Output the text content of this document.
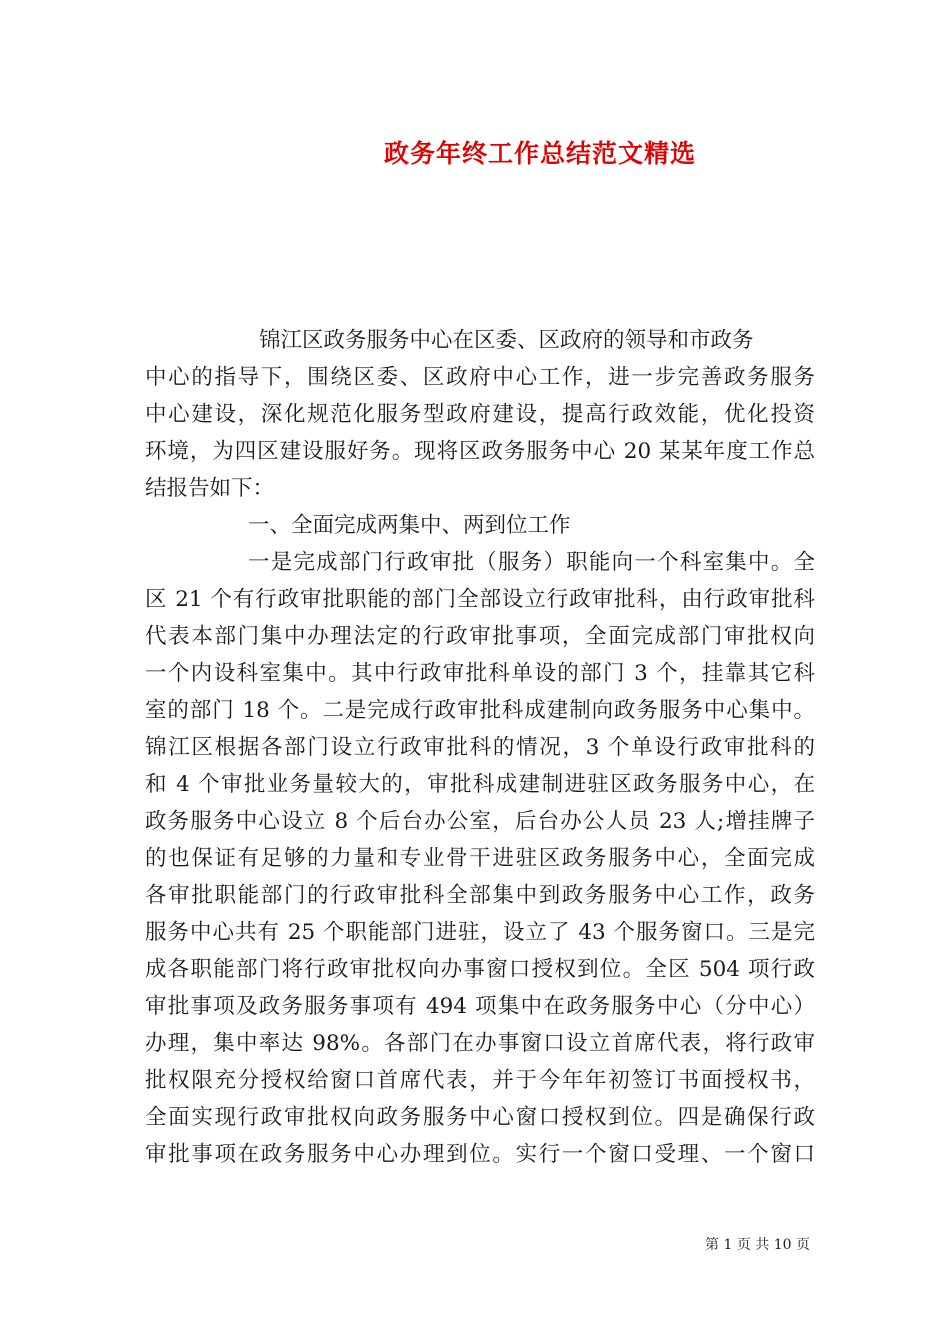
政务年终工作总结范文精选

锦江区政务服务中心在区委、区政府的领导和市政务

中心的指导下，围绕区委、区政府中心工作，进一步完善政务服务

中心建设，深化规范化服务型政府建设，提高行政效能，优化投资

环境，为四区建设服好务。现将区政务服务中心 20 某某年度工作总

结报告如下：

一、全面完成两集中、两到位工作

一是完成部门行政审批（服务）职能向一个科室集中。全

区 21 个有行政审批职能的部门全部设立行政审批科，由行政审批科

代表本部门集中办理法定的行政审批事项，全面完成部门审批权向

一个内设科室集中。其中行政审批科单设的部门 3 个，挂靠其它科

室的部门 18 个。二是完成行政审批科成建制向政务服务中心集中。

锦江区根据各部门设立行政审批科的情况，3 个单设行政审批科的

和 4 个审批业务量较大的，审批科成建制进驻区政务服务中心，在

政务服务中心设立 8 个后台办公室，后台办公人员 23 人;增挂牌子

的也保证有足够的力量和专业骨干进驻区政务服务中心，全面完成

各审批职能部门的行政审批科全部集中到政务服务中心工作，政务

服务中心共有 25 个职能部门进驻，设立了 43 个服务窗口。三是完

成各职能部门将行政审批权向办事窗口授权到位。全区 504 项行政

审批事项及政务服务事项有 494 项集中在政务服务中心（分中心）

办理，集中率达 98%。各部门在办事窗口设立首席代表，将行政审

批权限充分授权给窗口首席代表，并于今年年初签订书面授权书，

全面实现行政审批权向政务服务中心窗口授权到位。四是确保行政

审批事项在政务服务中心办理到位。实行一个窗口受理、一个窗口

第 1 页 共 10 页
